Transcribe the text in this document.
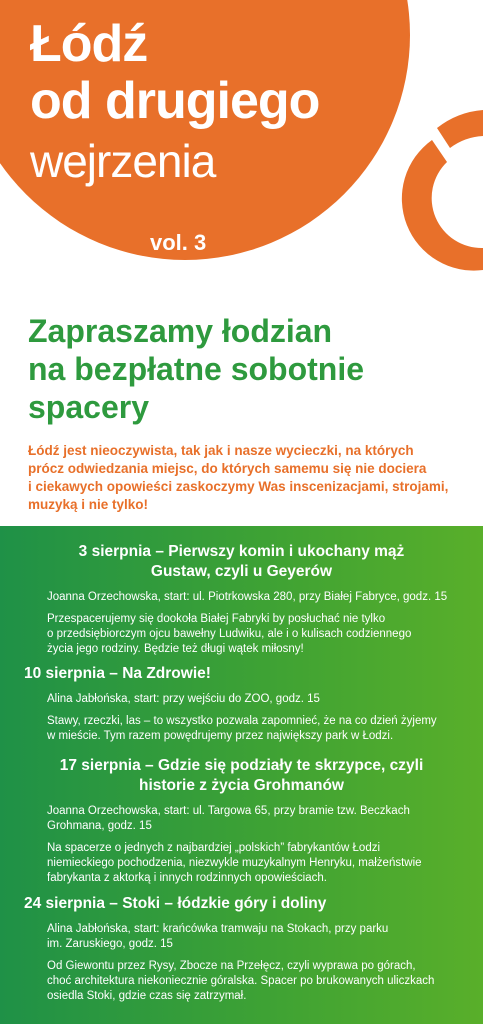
Łódź
od drugiego
wejrzenia
vol. 3
Zapraszamy łodzian
na bezpłatne sobotnie
spacery
Łódź jest nieoczywista, tak jak i nasze wycieczki, na których
prócz odwiedzania miejsc, do których samemu się nie dociera
i ciekawych opowieści zaskoczymy Was inscenizacjami, strojami,
muzyką i nie tylko!
3 sierpnia – Pierwszy komin i ukochany mąż
Gustaw, czyli u Geyerów
Joanna Orzechowska, start: ul. Piotrkowska 280, przy Białej Fabryce, godz. 15
Przespacerujemy się dookoła Białej Fabryki by posłuchać nie tylko
o przedsiębiorczym ojcu bawełny Ludwiku, ale i o kulisach codziennego
życia jego rodziny. Będzie też długi wątek miłosny!
10 sierpnia – Na Zdrowie!
Alina Jabłońska, start: przy wejściu do ZOO, godz. 15
Stawy, rzeczki, las – to wszystko pozwala zapomnieć, że na co dzień żyjemy
w mieście. Tym razem powędrujemy przez największy park w Łodzi.
17 sierpnia – Gdzie się podziały te skrzypce, czyli
historie z życia Grohmanów
Joanna Orzechowska, start: ul. Targowa 65, przy bramie tzw. Beczkach
Grohmana, godz. 15
Na spacerze o jednych z najbardziej „polskich” fabrykantów Łodzi
niemieckiego pochodzenia, niezwykle muzykalnym Henryku, małżeństwie
fabrykanta z aktorką i innych rodzinnych opowieściach.
24 sierpnia – Stoki – łódzkie góry i doliny
Alina Jabłońska, start: krańcówka tramwaju na Stokach, przy parku
im. Zaruskiego, godz. 15
Od Giewontu przez Rysy, Zbocze na Przełęcz, czyli wyprawa po górach,
choć architektura niekoniecznie góralska. Spacer po brukowanych uliczkach
osiedla Stoki, gdzie czas się zatrzymał.
